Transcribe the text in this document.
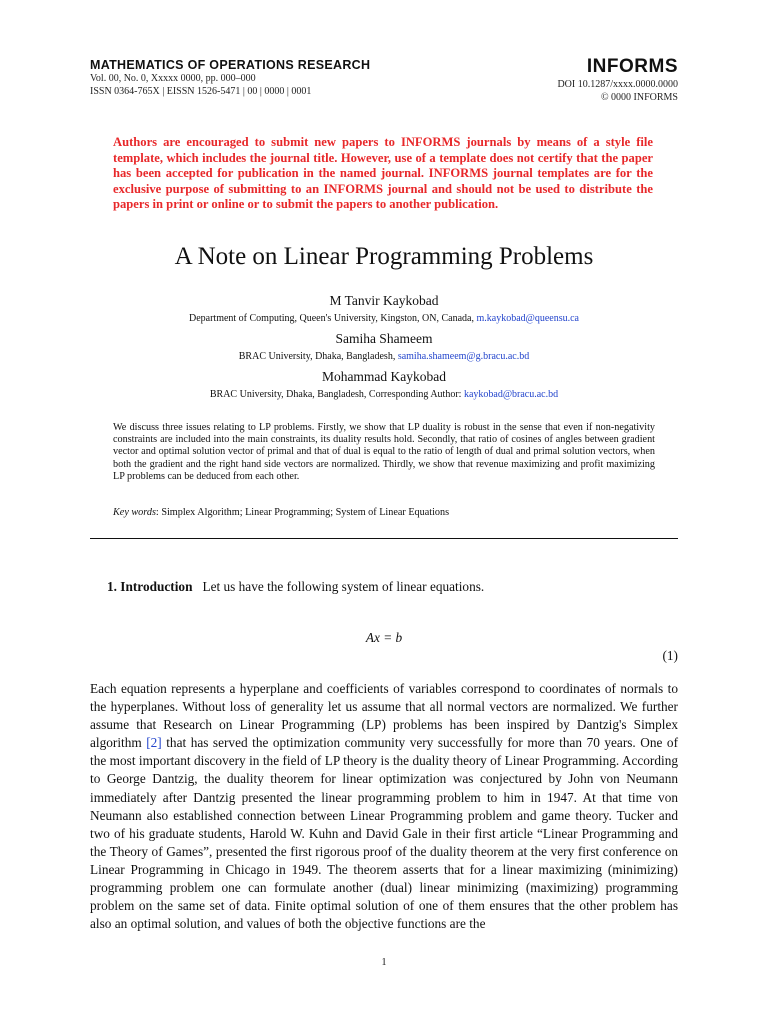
MATHEMATICS OF OPERATIONS RESEARCH
Vol. 00, No. 0, Xxxxx 0000, pp. 000–000
ISSN 0364-765X | EISSN 1526-5471 | 00 | 0000 | 0001
INFORMS
DOI 10.1287/xxxx.0000.0000
© 0000 INFORMS
Authors are encouraged to submit new papers to INFORMS journals by means of a style file template, which includes the journal title. However, use of a template does not certify that the paper has been accepted for publication in the named journal. INFORMS journal templates are for the exclusive purpose of submitting to an INFORMS journal and should not be used to distribute the papers in print or online or to submit the papers to another publication.
A Note on Linear Programming Problems
M Tanvir Kaykobad
Department of Computing, Queen's University, Kingston, ON, Canada, m.kaykobad@queensu.ca
Samiha Shameem
BRAC University, Dhaka, Bangladesh, samiha.shameem@g.bracu.ac.bd
Mohammad Kaykobad
BRAC University, Dhaka, Bangladesh, Corresponding Author: kaykobad@bracu.ac.bd
We discuss three issues relating to LP problems. Firstly, we show that LP duality is robust in the sense that even if non-negativity constraints are included into the main constraints, its duality results hold. Secondly, that ratio of cosines of angles between gradient vector and optimal solution vector of primal and that of dual is equal to the ratio of length of dual and primal solution vectors, when both the gradient and the right hand side vectors are normalized. Thirdly, we show that revenue maximizing and profit maximizing LP problems can be deduced from each other.
Key words: Simplex Algorithm; Linear Programming; System of Linear Equations
1. Introduction Let us have the following system of linear equations.
Ax = b
(1)
Each equation represents a hyperplane and coefficients of variables correspond to coordinates of normals to the hyperplanes. Without loss of generality let us assume that all normal vectors are normalized. We further assume that Research on Linear Programming (LP) problems has been inspired by Dantzig's Simplex algorithm [2] that has served the optimization community very successfully for more than 70 years. One of the most important discovery in the field of LP theory is the duality theory of Linear Programming. According to George Dantzig, the duality theorem for linear optimization was conjectured by John von Neumann immediately after Dantzig presented the linear programming problem to him in 1947. At that time von Neumann also established connection between Linear Programming problem and game theory. Tucker and two of his graduate students, Harold W. Kuhn and David Gale in their first article “Linear Programming and the Theory of Games”, presented the first rigorous proof of the duality theorem at the very first conference on Linear Programming in Chicago in 1949. The theorem asserts that for a linear maximizing (minimizing) programming problem one can formulate another (dual) linear minimizing (maximizing) programming problem on the same set of data. Finite optimal solution of one of them ensures that the other problem has also an optimal solution, and values of both the objective functions are the
1
